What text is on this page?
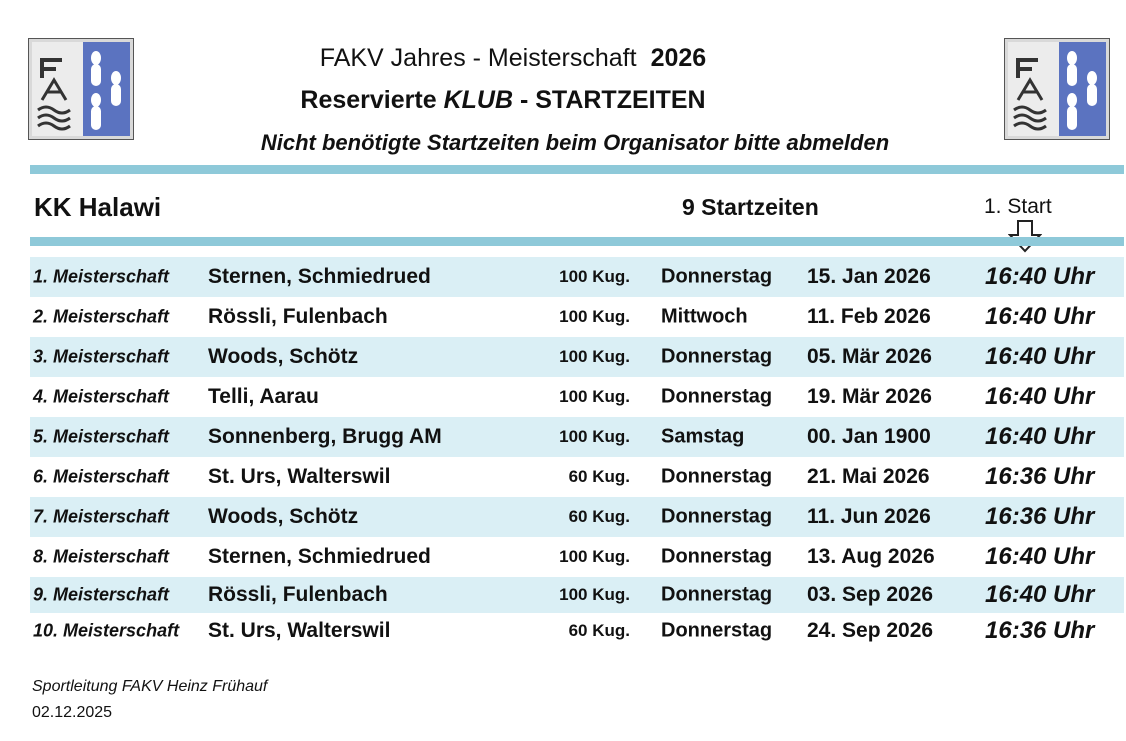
FAKV Jahres - Meisterschaft 2026
Reservierte KLUB - STARTZEITEN
Nicht benötigte Startzeiten beim Organisator bitte abmelden
KK Halawi	9 Startzeiten	1. Start
1. Meisterschaft Sternen, Schmiedrued	100 Kug. Donnerstag 15. Jan 2026 16:40 Uhr
2. Meisterschaft Rössli, Fulenbach	100 Kug. Mittwoch	11. Feb 2026 16:40 Uhr
3. Meisterschaft Woods, Schötz	100 Kug. Donnerstag 05. Mär 2026 16:40 Uhr
4. Meisterschaft Telli, Aarau	100 Kug. Donnerstag 19. Mär 2026 16:40 Uhr
5. Meisterschaft Sonnenberg, Brugg AM	100 Kug. Samstag	00. Jan 1900 16:40 Uhr
6. Meisterschaft St. Urs, Walterswil	60 Kug. Donnerstag 21. Mai 2026 16:36 Uhr
7. Meisterschaft Woods, Schötz	60 Kug. Donnerstag 11. Jun 2026 16:36 Uhr
8. Meisterschaft Sternen, Schmiedrued	100 Kug. Donnerstag 13. Aug 2026 16:40 Uhr
9. Meisterschaft Rössli, Fulenbach	100 Kug. Donnerstag 03. Sep 2026 16:40 Uhr
10. Meisterschaft St. Urs, Walterswil	60 Kug. Donnerstag 24. Sep 2026 16:36 Uhr
Sportleitung FAKV Heinz Frühauf
02.12.2025
